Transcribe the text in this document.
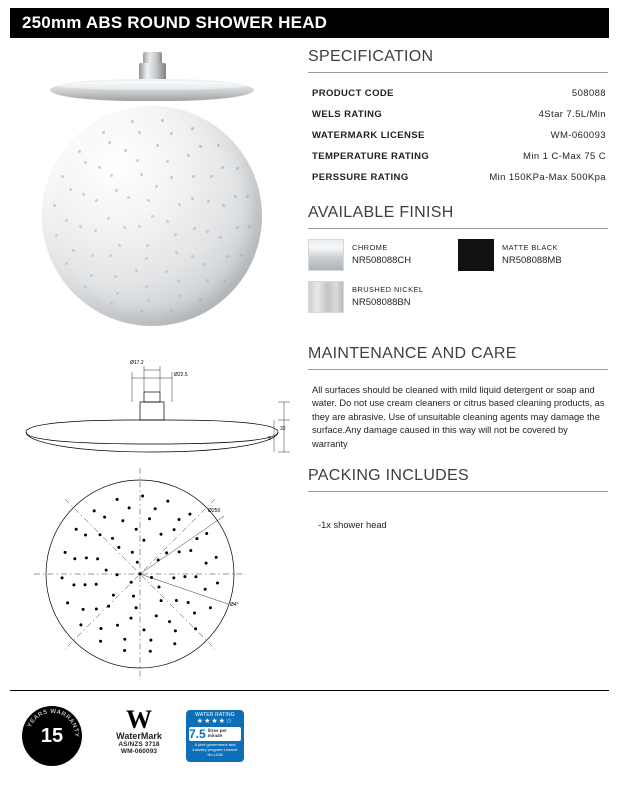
250mm ABS ROUND SHOWER HEAD
Ø17.2
Ø22.5
32
9
Ø250
Ø4°
SPECIFICATION
PRODUCT CODE	508088
WELS RATING	4Star 7.5L/Min
WATERMARK LICENSE	WM-060093
TEMPERATURE RATING	Min 1 C-Max 75 C
PERSSURE RATING	Min 150KPa-Max 500Kpa
AVAILABLE FINISH
CHROME
NR508088CH
MATTE BLACK
NR508088MB
BRUSHED NICKEL
NR508088BN
MAINTENANCE AND CARE
All surfaces should be cleaned with mild liquid detergent or soap and water. Do not use cream cleaners or citrus based cleaning products, as they are abrasive. Use of unsuitable cleaning agents may damage the surface.Any damage caused in this way will not be covered by warranty
PACKING INCLUDES
-1x shower head
15
YEARS WARRANTY
W
WaterMark
AS/NZS 3718
WM-060093
WATER RATING
★★★★☆
7.5 litres per minute
A joint government and industry program Licence No.1248
